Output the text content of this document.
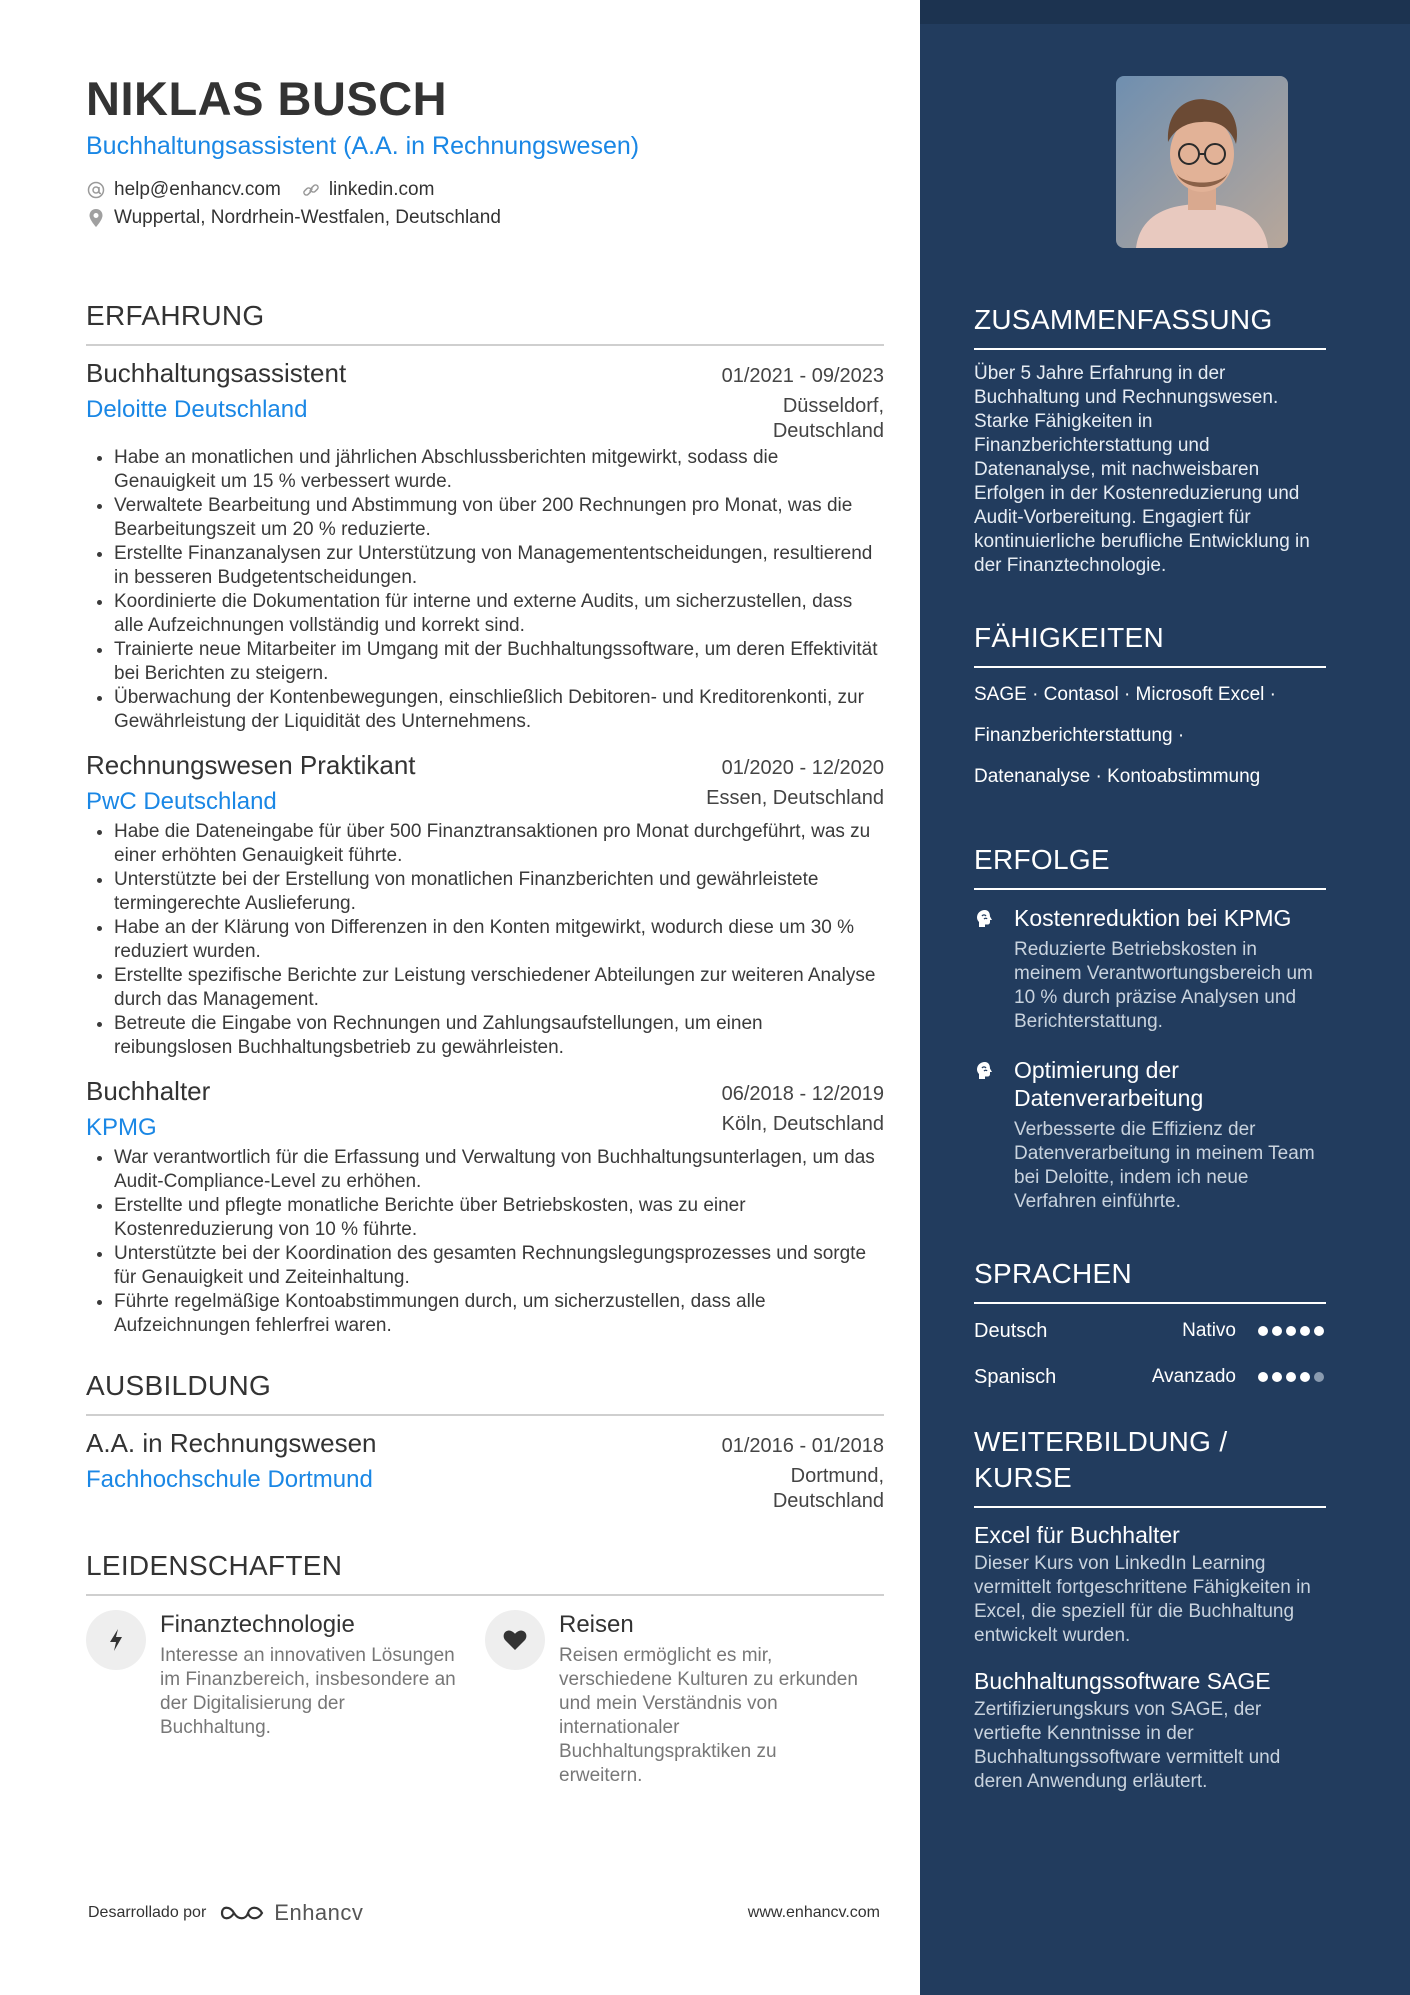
NIKLAS BUSCH
Buchhaltungsassistent (A.A. in Rechnungswesen)
help@enhancv.com	linkedin.com
Wuppertal, Nordrhein-Westfalen, Deutschland
ERFAHRUNG
Buchhaltungsassistent	01/2021 - 09/2023
Deloitte Deutschland	Düsseldorf, Deutschland
• Habe an monatlichen und jährlichen Abschlussberichten mitgewirkt, sodass die Genauigkeit um 15 % verbessert wurde.
• Verwaltete Bearbeitung und Abstimmung von über 200 Rechnungen pro Monat, was die Bearbeitungszeit um 20 % reduzierte.
• Erstellte Finanzanalysen zur Unterstützung von Managemententscheidungen, resultierend in besseren Budgetentscheidungen.
• Koordinierte die Dokumentation für interne und externe Audits, um sicherzustellen, dass alle Aufzeichnungen vollständig und korrekt sind.
• Trainierte neue Mitarbeiter im Umgang mit der Buchhaltungssoftware, um deren Effektivität bei Berichten zu steigern.
• Überwachung der Kontenbewegungen, einschließlich Debitoren- und Kreditorenkonti, zur Gewährleistung der Liquidität des Unternehmens.
Rechnungswesen Praktikant	01/2020 - 12/2020
PwC Deutschland	Essen, Deutschland
• Habe die Dateneingabe für über 500 Finanztransaktionen pro Monat durchgeführt, was zu einer erhöhten Genauigkeit führte.
• Unterstützte bei der Erstellung von monatlichen Finanzberichten und gewährleistete termingerechte Auslieferung.
• Habe an der Klärung von Differenzen in den Konten mitgewirkt, wodurch diese um 30 % reduziert wurden.
• Erstellte spezifische Berichte zur Leistung verschiedener Abteilungen zur weiteren Analyse durch das Management.
• Betreute die Eingabe von Rechnungen und Zahlungsaufstellungen, um einen reibungslosen Buchhaltungsbetrieb zu gewährleisten.
Buchhalter	06/2018 - 12/2019
KPMG	Köln, Deutschland
• War verantwortlich für die Erfassung und Verwaltung von Buchhaltungsunterlagen, um das Audit-Compliance-Level zu erhöhen.
• Erstellte und pflegte monatliche Berichte über Betriebskosten, was zu einer Kostenreduzierung von 10 % führte.
• Unterstützte bei der Koordination des gesamten Rechnungslegungsprozesses und sorgte für Genauigkeit und Zeiteinhaltung.
• Führte regelmäßige Kontoabstimmungen durch, um sicherzustellen, dass alle Aufzeichnungen fehlerfrei waren.
AUSBILDUNG
A.A. in Rechnungswesen	01/2016 - 01/2018
Fachhochschule Dortmund	Dortmund, Deutschland
LEIDENSCHAFTEN
Finanztechnologie
Interesse an innovativen Lösungen im Finanzbereich, insbesondere an der Digitalisierung der Buchhaltung.
Reisen
Reisen ermöglicht es mir, verschiedene Kulturen zu erkunden und mein Verständnis von internationaler Buchhaltungspraktiken zu erweitern.
Desarrollado por	Enhancv	www.enhancv.com
ZUSAMMENFASSUNG
Über 5 Jahre Erfahrung in der Buchhaltung und Rechnungswesen. Starke Fähigkeiten in Finanzberichterstattung und Datenanalyse, mit nachweisbaren Erfolgen in der Kostenreduzierung und Audit-Vorbereitung. Engagiert für kontinuierliche berufliche Entwicklung in der Finanztechnologie.
FÄHIGKEITEN
SAGE · Contasol · Microsoft Excel ·
Finanzberichterstattung ·
Datenanalyse · Kontoabstimmung
ERFOLGE
Kostenreduktion bei KPMG
Reduzierte Betriebskosten in meinem Verantwortungsbereich um 10 % durch präzise Analysen und Berichterstattung.
Optimierung der Datenverarbeitung
Verbesserte die Effizienz der Datenverarbeitung in meinem Team bei Deloitte, indem ich neue Verfahren einführte.
SPRACHEN
Deutsch	Nativo
Spanisch	Avanzado
WEITERBILDUNG / KURSE
Excel für Buchhalter
Dieser Kurs von LinkedIn Learning vermittelt fortgeschrittene Fähigkeiten in Excel, die speziell für die Buchhaltung entwickelt wurden.
Buchhaltungssoftware SAGE
Zertifizierungskurs von SAGE, der vertiefte Kenntnisse in der Buchhaltungssoftware vermittelt und deren Anwendung erläutert.
